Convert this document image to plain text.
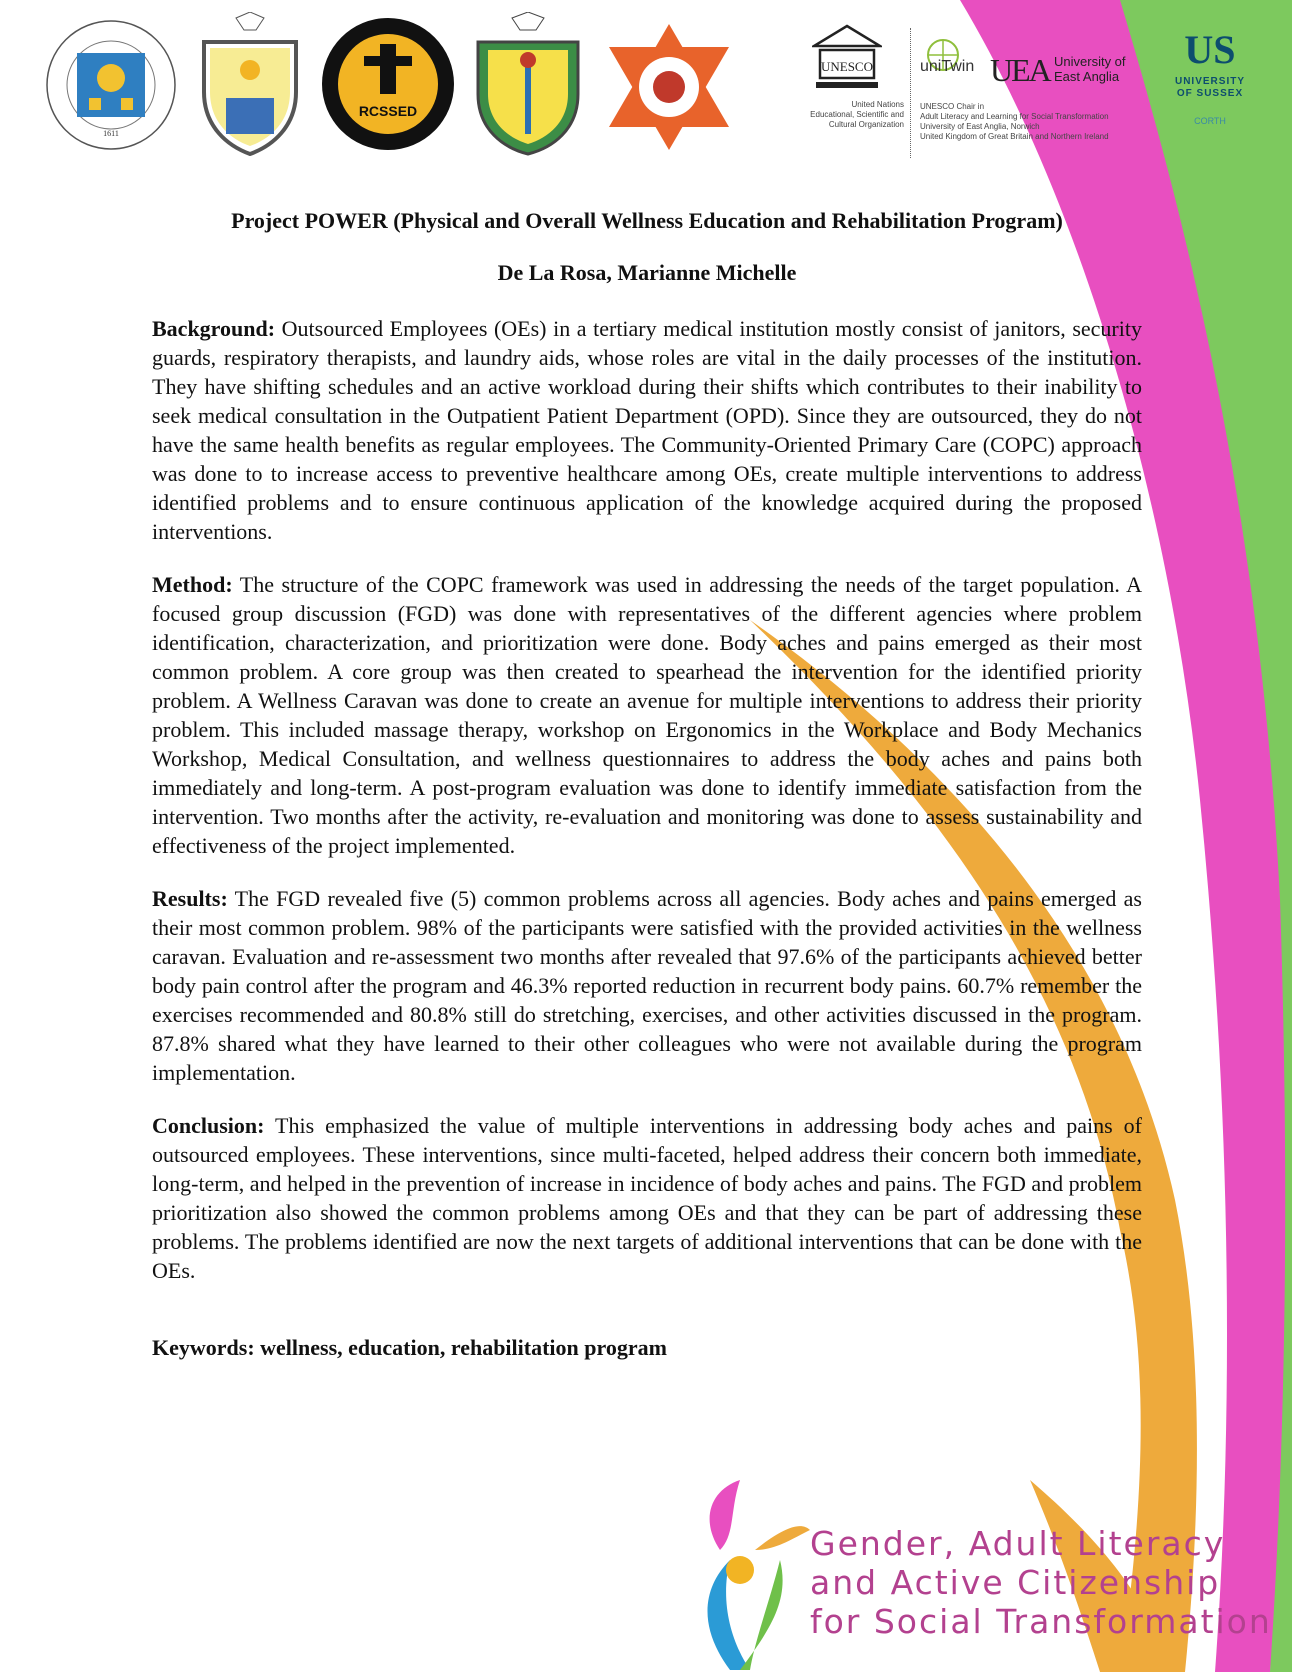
1611
RCSSED
UNESCO
United Nations
Educational, Scientific and
Cultural Organization
uniTwin
UNESCO Chair in
Adult Literacy and Learning for Social Transformation
University of East Anglia, Norwich
United Kingdom of Great Britain and Northern Ireland
UEA University of
East Anglia
US
UNIVERSITY
OF SUSSEX
CORTH

Project POWER (Physical and Overall Wellness Education and Rehabilitation Program)

De La Rosa, Marianne Michelle

Background: Outsourced Employees (OEs) in a tertiary medical institution mostly consist of janitors, security guards, respiratory therapists, and laundry aids, whose roles are vital in the daily processes of the institution. They have shifting schedules and an active workload during their shifts which contributes to their inability to seek medical consultation in the Outpatient Patient Department (OPD). Since they are outsourced, they do not have the same health benefits as regular employees. The Community-Oriented Primary Care (COPC) approach was done to to increase access to preventive healthcare among OEs, create multiple interventions to address identified problems and to ensure continuous application of the knowledge acquired during the proposed interventions.

Method: The structure of the COPC framework was used in addressing the needs of the target population. A focused group discussion (FGD) was done with representatives of the different agencies where problem identification, characterization, and prioritization were done. Body aches and pains emerged as their most common problem. A core group was then created to spearhead the intervention for the identified priority problem. A Wellness Caravan was done to create an avenue for multiple interventions to address their priority problem. This included massage therapy, workshop on Ergonomics in the Workplace and Body Mechanics Workshop, Medical Consultation, and wellness questionnaires to address the body aches and pains both immediately and long-term. A post-program evaluation was done to identify immediate satisfaction from the intervention. Two months after the activity, re-evaluation and monitoring was done to assess sustainability and effectiveness of the project implemented.

Results: The FGD revealed five (5) common problems across all agencies. Body aches and pains emerged as their most common problem. 98% of the participants were satisfied with the provided activities in the wellness caravan. Evaluation and re-assessment two months after revealed that 97.6% of the participants achieved better body pain control after the program and 46.3% reported reduction in recurrent body pains. 60.7% remember the exercises recommended and 80.8% still do stretching, exercises, and other activities discussed in the program. 87.8% shared what they have learned to their other colleagues who were not available during the program implementation.

Conclusion: This emphasized the value of multiple interventions in addressing body aches and pains of outsourced employees. These interventions, since multi-faceted, helped address their concern both immediate, long-term, and helped in the prevention of increase in incidence of body aches and pains. The FGD and problem prioritization also showed the common problems among OEs and that they can be part of addressing these problems. The problems identified are now the next targets of additional interventions that can be done with the OEs.

Keywords: wellness, education, rehabilitation program

Gender, Adult Literacy
and Active Citizenship
for Social Transformation
